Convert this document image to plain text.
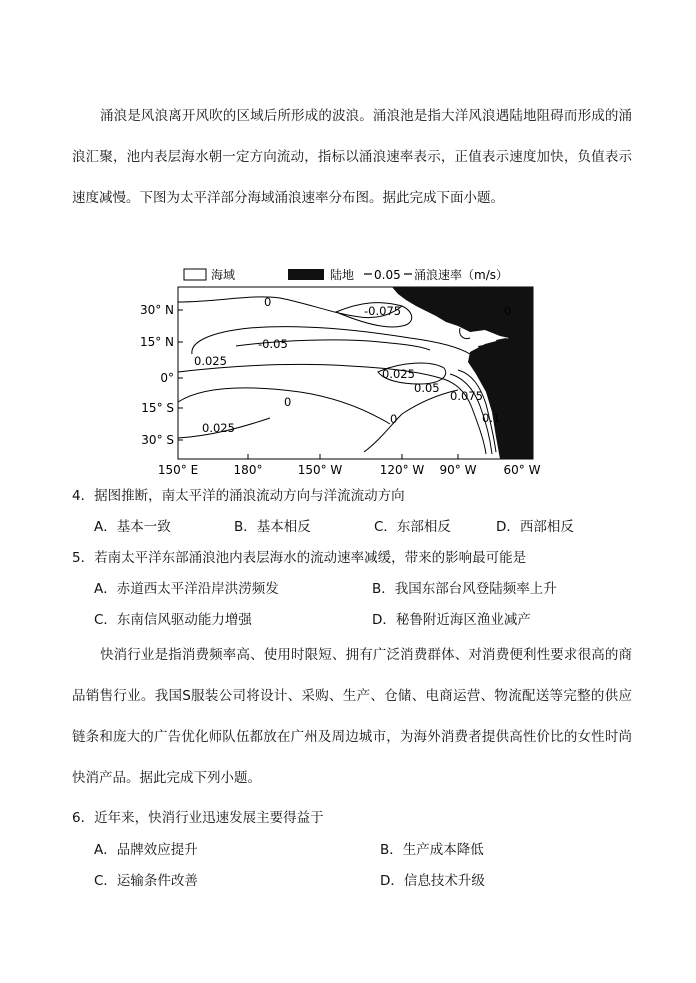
涌浪是风浪离开风吹的区域后所形成的波浪。涌浪池是指大洋风浪遇陆地阻碍而形成的涌浪汇聚，池内表层海水朝一定方向流动，指标以涌浪速率表示，正值表示速度加快，负值表示速度减慢。下图为太平洋部分海域涌浪速率分布图。据此完成下面小题。

海域	陆地 0.05 涌浪速率（m/s）
0
-0.075	0
-0.05
0.025
0.025
0.05
0.075
0
0.1
0
0.025
30° N
15° N
0°
15° S
30° S
150° E	180°	150° W	120° W 90° W 60° W
4．据图推断，南太平洋的涌浪流动方向与洋流流动方向
A．基本一致	B．基本相反	C．东部相反	D．西部相反
5．若南太平洋东部涌浪池内表层海水的流动速率减缓，带来的影响最可能是
A．赤道西太平洋沿岸洪涝频发	B．我国东部台风登陆频率上升
C．东南信风驱动能力增强	D．秘鲁附近海区渔业减产

快消行业是指消费频率高、使用时限短、拥有广泛消费群体、对消费便利性要求很高的商品销售行业。我国S服装公司将设计、采购、生产、仓储、电商运营、物流配送等完整的供应链条和庞大的广告优化师队伍都放在广州及周边城市，为海外消费者提供高性价比的女性时尚快消产品。据此完成下列小题。

6．近年来，快消行业迅速发展主要得益于
A．品牌效应提升	B．生产成本降低
C．运输条件改善	D．信息技术升级
